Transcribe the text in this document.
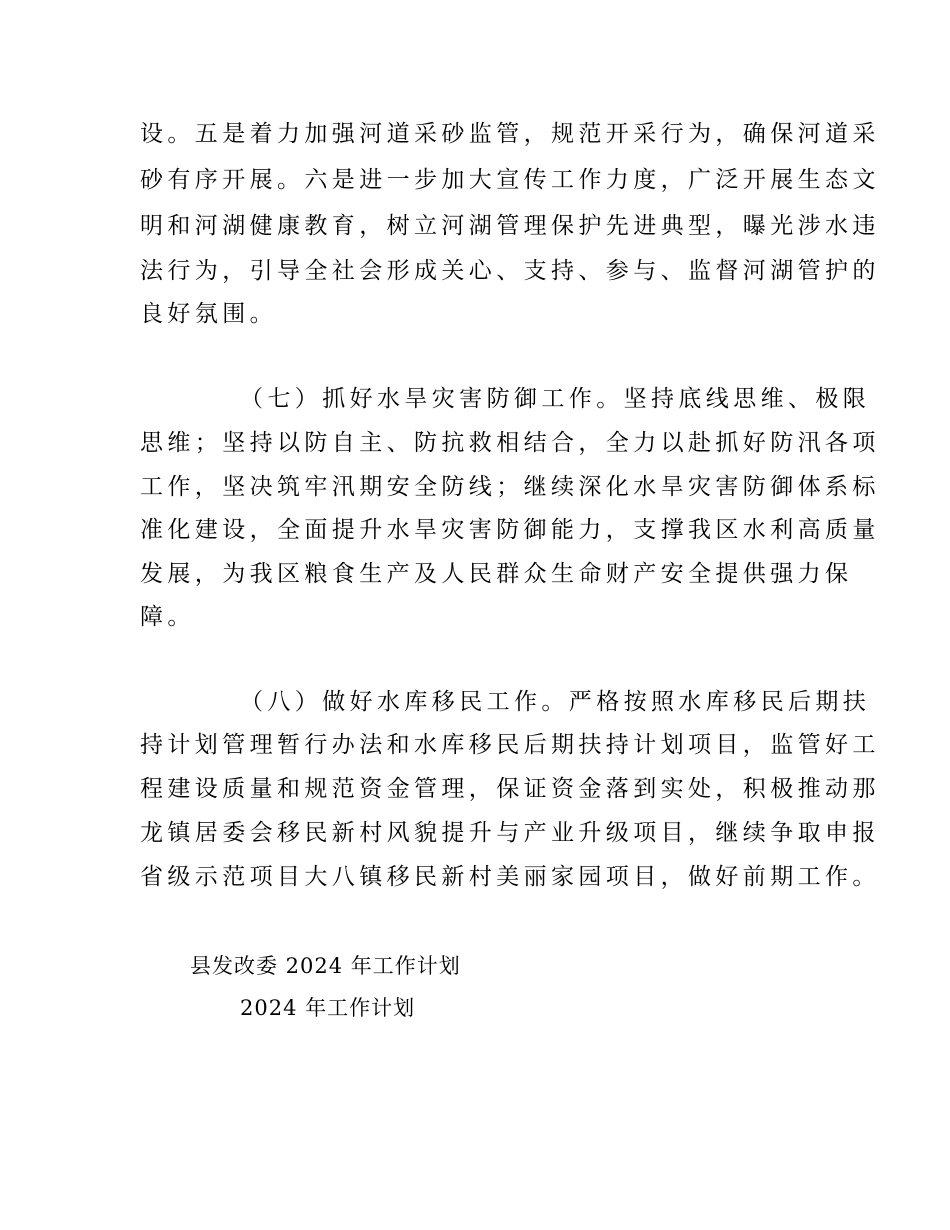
设。五是着力加强河道采砂监管，规范开采行为，确保河道采
砂有序开展。六是进一步加大宣传工作力度，广泛开展生态文
明和河湖健康教育，树立河湖管理保护先进典型，曝光涉水违
法行为，引导全社会形成关心、支持、参与、监督河湖管护的
良好氛围。
（七）抓好水旱灾害防御工作。坚持底线思维、极限
思维；坚持以防自主、防抗救相结合，全力以赴抓好防汛各项
工作，坚决筑牢汛期安全防线；继续深化水旱灾害防御体系标
准化建设，全面提升水旱灾害防御能力，支撑我区水利高质量
发展，为我区粮食生产及人民群众生命财产安全提供强力保
障。
（八）做好水库移民工作。严格按照水库移民后期扶
持计划管理暂行办法和水库移民后期扶持计划项目，监管好工
程建设质量和规范资金管理，保证资金落到实处，积极推动那
龙镇居委会移民新村风貌提升与产业升级项目，继续争取申报
省级示范项目大八镇移民新村美丽家园项目，做好前期工作。
县发改委 2024 年工作计划
2024 年工作计划
